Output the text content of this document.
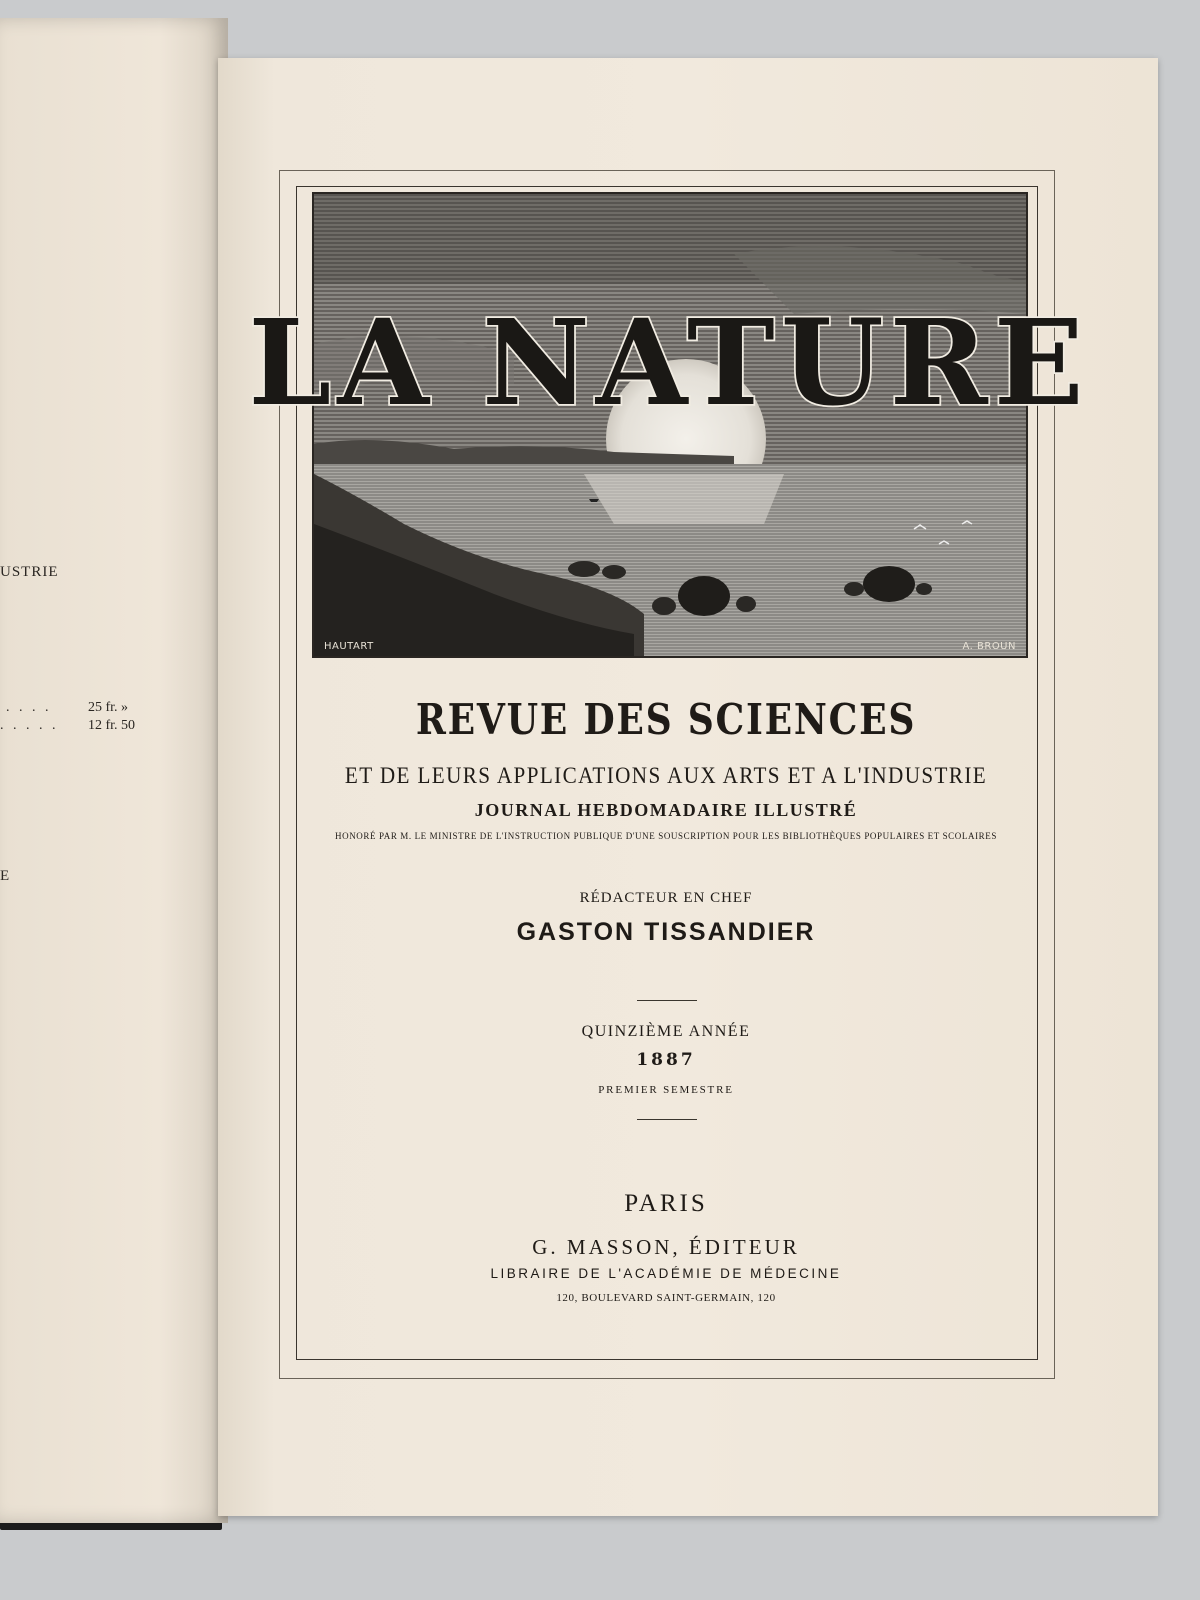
USTRIE
. . . .	25 fr. »
. . . . . 12 fr. 50
E
LA NATURE
HAUTART	A. BROUN
REVUE DES SCIENCES
ET DE LEURS APPLICATIONS AUX ARTS ET A L'INDUSTRIE
JOURNAL HEBDOMADAIRE ILLUSTRÉ
HONORÉ PAR M. LE MINISTRE DE L'INSTRUCTION PUBLIQUE D'UNE SOUSCRIPTION POUR LES BIBLIOTHÈQUES POPULAIRES ET SCOLAIRES
RÉDACTEUR EN CHEF
GASTON TISSANDIER
QUINZIÈME ANNÉE
1887
PREMIER SEMESTRE
PARIS
G. MASSON, ÉDITEUR
LIBRAIRE DE L'ACADÉMIE DE MÉDECINE
120, BOULEVARD SAINT-GERMAIN, 120
